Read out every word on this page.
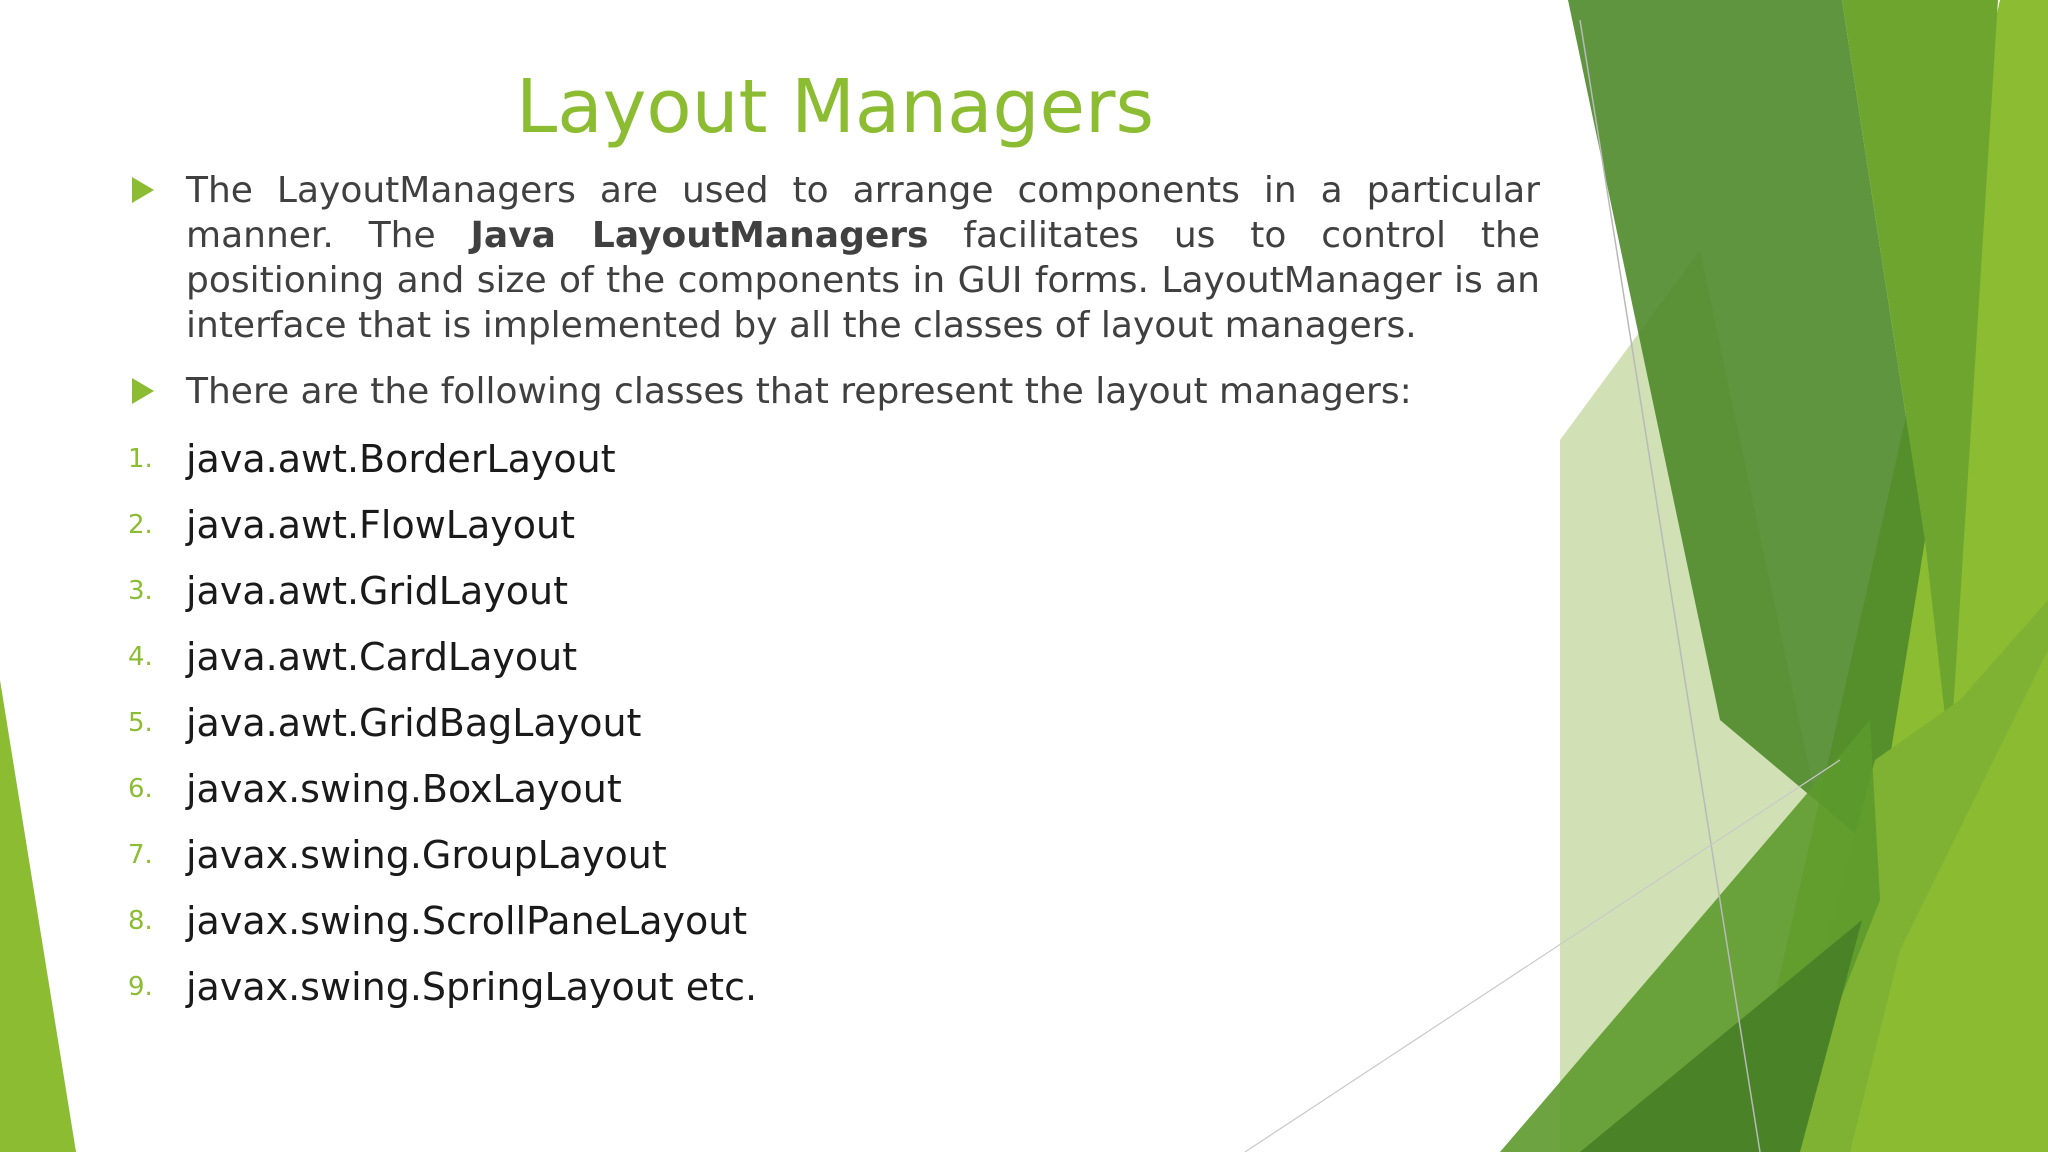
Layout Managers

The LayoutManagers are used to arrange components in a particular manner. The Java LayoutManagers facilitates us to control the positioning and size of the components in GUI forms. LayoutManager is an interface that is implemented by all the classes of layout managers.

There are the following classes that represent the layout managers:

1. java.awt.BorderLayout
2. java.awt.FlowLayout
3. java.awt.GridLayout
4. java.awt.CardLayout
5. java.awt.GridBagLayout
6. javax.swing.BoxLayout
7. javax.swing.GroupLayout
8. javax.swing.ScrollPaneLayout
9. javax.swing.SpringLayout etc.
